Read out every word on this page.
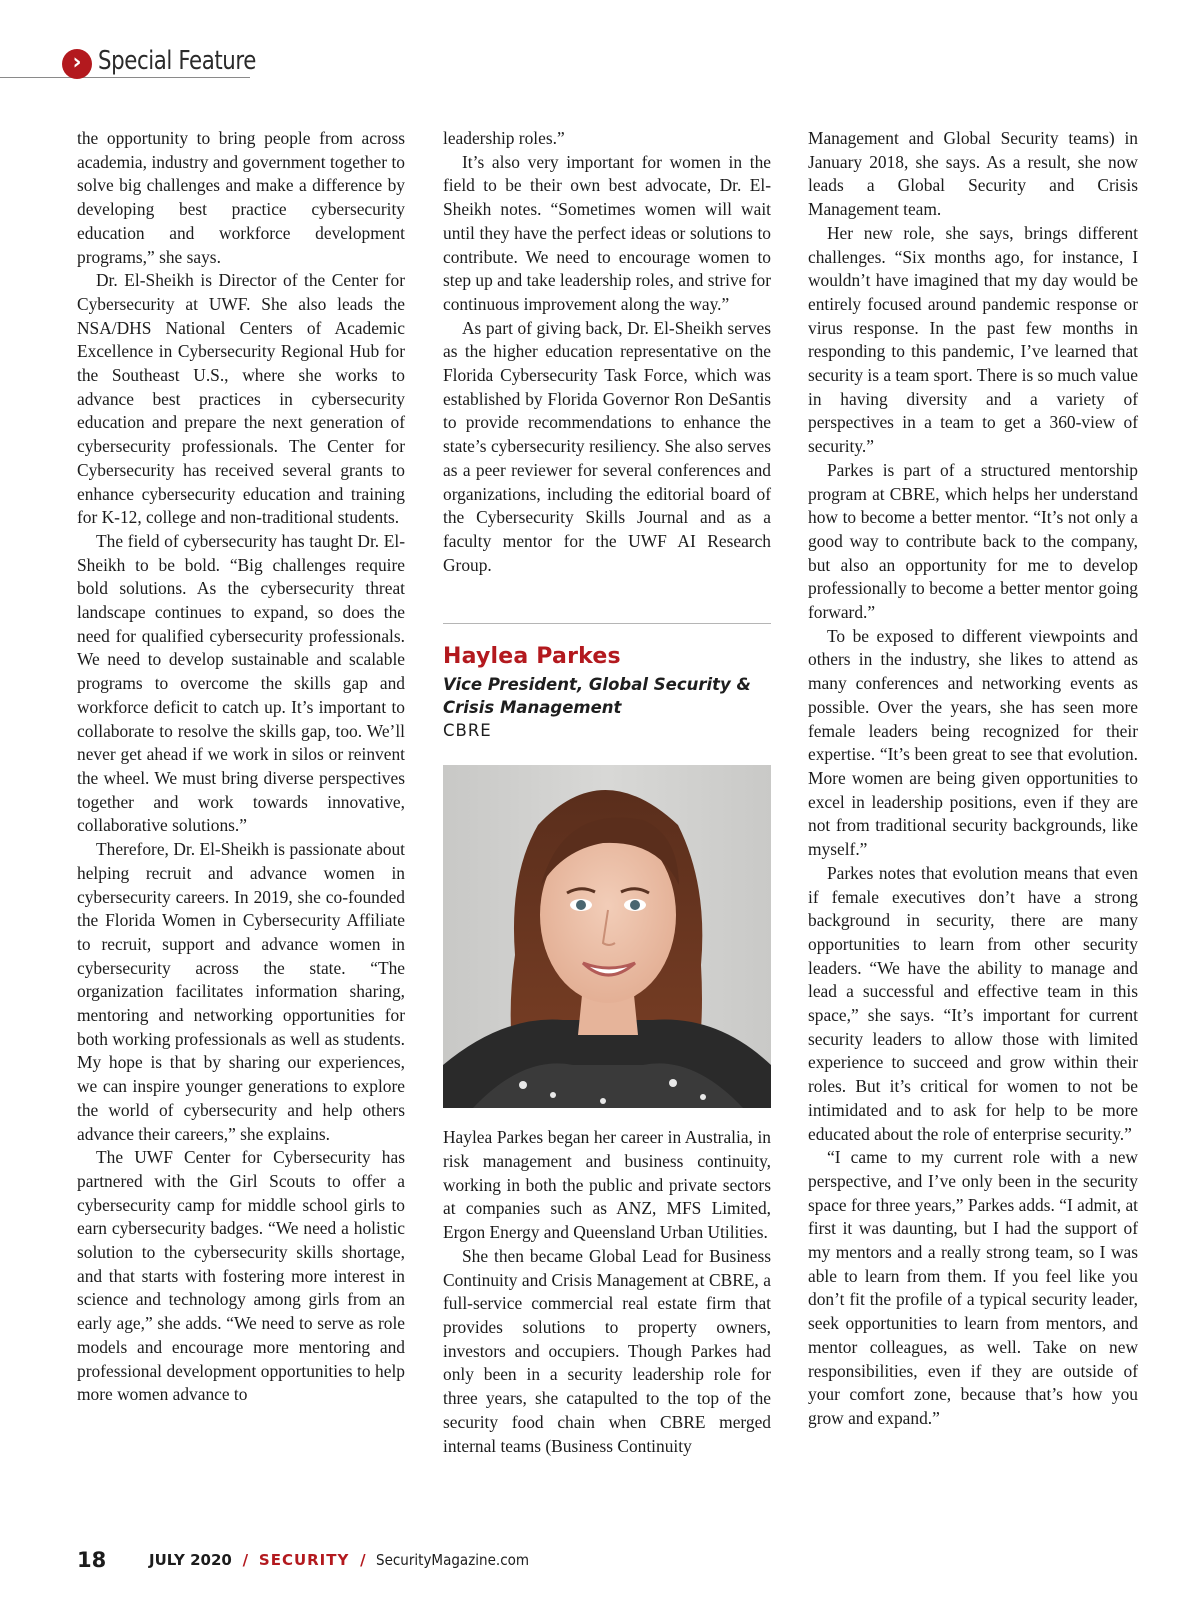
› Special Feature

the opportunity to bring people from across academia, industry and government together to solve big challenges and make a difference by developing best practice cybersecurity education and workforce development programs,” she says.

Dr. El-Sheikh is Director of the Center for Cybersecurity at UWF. She also leads the NSA/DHS National Centers of Academic Excellence in Cybersecurity Regional Hub for the Southeast U.S., where she works to advance best practices in cybersecurity education and prepare the next generation of cybersecurity professionals. The Center for Cybersecurity has received several grants to enhance cybersecurity education and training for K-12, college and non-traditional students.

The field of cybersecurity has taught Dr. El-Sheikh to be bold. “Big challenges require bold solutions. As the cybersecurity threat landscape continues to expand, so does the need for qualified cybersecurity professionals. We need to develop sustainable and scalable programs to overcome the skills gap and workforce deficit to catch up. It’s important to collaborate to resolve the skills gap, too. We’ll never get ahead if we work in silos or reinvent the wheel. We must bring diverse perspectives together and work towards innovative, collaborative solutions.”

Therefore, Dr. El-Sheikh is passionate about helping recruit and advance women in cybersecurity careers. In 2019, she co-founded the Florida Women in Cybersecurity Affiliate to recruit, support and advance women in cybersecurity across the state. “The organization facilitates information sharing, mentoring and networking opportunities for both working professionals as well as students. My hope is that by sharing our experiences, we can inspire younger generations to explore the world of cybersecurity and help others advance their careers,” she explains.

The UWF Center for Cybersecurity has partnered with the Girl Scouts to offer a cybersecurity camp for middle school girls to earn cybersecurity badges. “We need a holistic solution to the cybersecurity skills shortage, and that starts with fostering more interest in science and technology among girls from an early age,” she adds. “We need to serve as role models and encourage more mentoring and professional development opportunities to help more women advance to

leadership roles.”

It’s also very important for women in the field to be their own best advocate, Dr. El-Sheikh notes. “Sometimes women will wait until they have the perfect ideas or solutions to contribute. We need to encourage women to step up and take leadership roles, and strive for continuous improvement along the way.”

As part of giving back, Dr. El-Sheikh serves as the higher education representative on the Florida Cybersecurity Task Force, which was established by Florida Governor Ron DeSantis to provide recommendations to enhance the state’s cybersecurity resiliency. She also serves as a peer reviewer for several conferences and organizations, including the editorial board of the Cybersecurity Skills Journal and as a faculty mentor for the UWF AI Research Group.

Haylea Parkes
Vice President, Global Security & Crisis Management
CBRE

Haylea Parkes began her career in Australia, in risk management and business continuity, working in both the public and private sectors at companies such as ANZ, MFS Limited, Ergon Energy and Queensland Urban Utilities.

She then became Global Lead for Business Continuity and Crisis Management at CBRE, a full-service commercial real estate firm that provides solutions to property owners, investors and occupiers. Though Parkes had only been in a security leadership role for three years, she catapulted to the top of the security food chain when CBRE merged internal teams (Business Continuity

Management and Global Security teams) in January 2018, she says. As a result, she now leads a Global Security and Crisis Management team.

Her new role, she says, brings different challenges. “Six months ago, for instance, I wouldn’t have imagined that my day would be entirely focused around pandemic response or virus response. In the past few months in responding to this pandemic, I’ve learned that security is a team sport. There is so much value in having diversity and a variety of perspectives in a team to get a 360-view of security.”

Parkes is part of a structured mentorship program at CBRE, which helps her understand how to become a better mentor. “It’s not only a good way to contribute back to the company, but also an opportunity for me to develop professionally to become a better mentor going forward.”

To be exposed to different viewpoints and others in the industry, she likes to attend as many conferences and networking events as possible. Over the years, she has seen more female leaders being recognized for their expertise. “It’s been great to see that evolution. More women are being given opportunities to excel in leadership positions, even if they are not from traditional security backgrounds, like myself.”

Parkes notes that evolution means that even if female executives don’t have a strong background in security, there are many opportunities to learn from other security leaders. “We have the ability to manage and lead a successful and effective team in this space,” she says. “It’s important for current security leaders to allow those with limited experience to succeed and grow within their roles. But it’s critical for women to not be intimidated and to ask for help to be more educated about the role of enterprise security.”

“I came to my current role with a new perspective, and I’ve only been in the security space for three years,” Parkes adds. “I admit, at first it was daunting, but I had the support of my mentors and a really strong team, so I was able to learn from them. If you feel like you don’t fit the profile of a typical security leader, seek opportunities to learn from mentors, and mentor colleagues, as well. Take on new responsibilities, even if they are outside of your comfort zone, because that’s how you grow and expand.”

18	JULY 2020 / SECURITY / SecurityMagazine.com
